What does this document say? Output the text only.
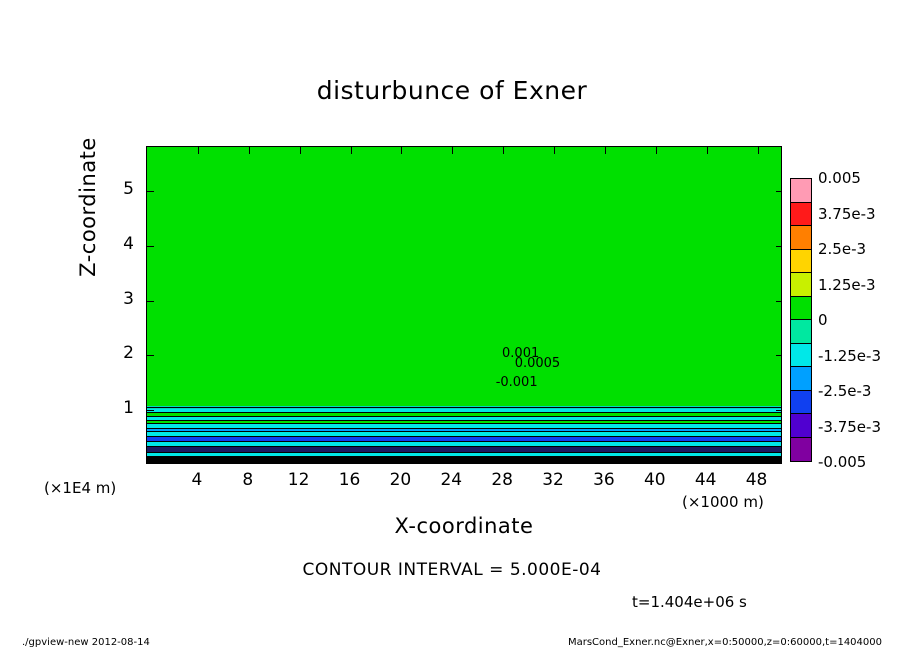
disturbunce of Exner
0.001
0.0005
-0.001
1
2
3
4
5
4	8	12	16	20	24	28	32	36	40	44	48
Z-coordinate
X-coordinate
(×1E4 m)
(×1000 m)
0.005
3.75e-3
2.5e-3
1.25e-3
0
-1.25e-3
-2.5e-3
-3.75e-3
-0.005
CONTOUR INTERVAL = 5.000E-04
t=1.404e+06 s
./gpview-new 2012-08-14	MarsCond_Exner.nc@Exner,x=0:50000,z=0:60000,t=1404000
